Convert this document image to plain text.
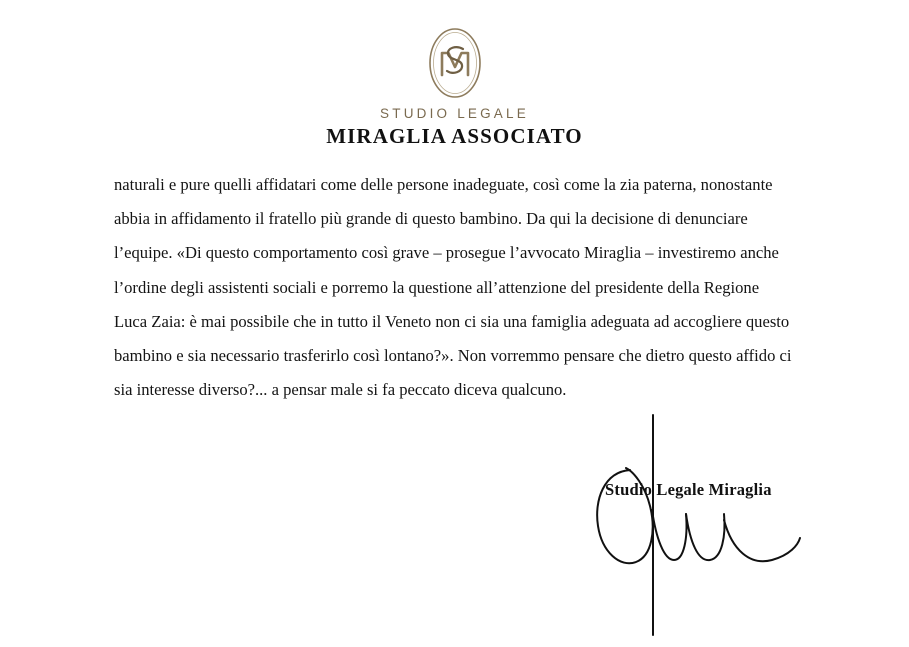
STUDIO LEGALE
MIRAGLIA ASSOCIATO

naturali e pure quelli affidatari come delle persone inadeguate, così come la zia paterna, nonostante abbia in affidamento il fratello più grande di questo bambino. Da qui la decisione di denunciare l’equipe. «Di questo comportamento così grave – prosegue l’avvocato Miraglia – investiremo anche l’ordine degli assistenti sociali e porremo la questione all’attenzione del presidente della Regione Luca Zaia: è mai possibile che in tutto il Veneto non ci sia una famiglia adeguata ad accogliere questo bambino e sia necessario trasferirlo così lontano?». Non vorremmo pensare che dietro questo affido ci sia interesse diverso?... a pensar male si fa peccato diceva qualcuno.

Studio Legale Miraglia
